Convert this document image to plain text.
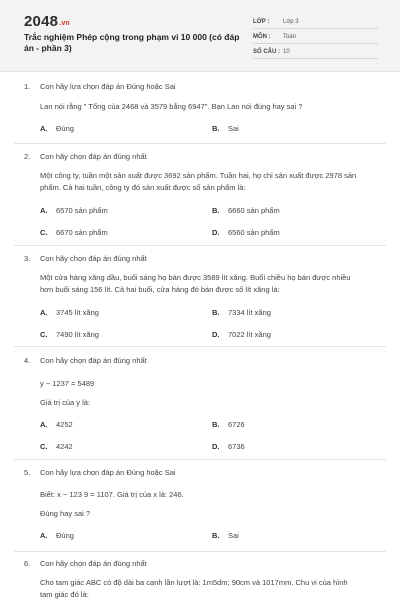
2048.vn
Trắc nghiệm Phép cộng trong phạm vi 10 000 (có đáp án - phần 3)
LỚP : Lớp 3
MÔN : Toán
SỐ CÂU : 10
1. Con hãy lựa chọn đáp án Đúng hoặc Sai
Lan nói rằng " Tổng của 2468 và 3579 bằng 6947". Bạn Lan nói đúng hay sai ?
A. Đúng	B. Sai
2. Con hãy chọn đáp án đúng nhất
Một công ty, tuần một sản xuất được 3692 sản phẩm. Tuần hai, họ chỉ sản xuất được 2978 sản
phẩm. Cả hai tuần, công ty đó sản xuất được số sản phẩm là:
A. 6570 sản phẩm	B. 6660 sản phẩm
C. 6670 sản phẩm	D. 6560 sản phẩm
3. Con hãy chọn đáp án đúng nhất
Một cửa hàng xăng dầu, buổi sáng họ bán được 3589 lít xăng. Buổi chiều họ bán được nhiều
hơn buổi sáng 156 lít. Cả hai buổi, cửa hàng đó bán được số lít xăng là:
A. 3745 lít xăng	B. 7334 lít xăng
C. 7490 lít xăng	D. 7022 lít xăng
4. Con hãy chọn đáp án đúng nhất
y − 1237 = 5489
Giá trị của y là:
A. 4252	B. 6726
C. 4242	D. 6736
5. Con hãy lựa chọn đáp án Đúng hoặc Sai
Biết: x − 123 9 = 1107. Giá trị của x là: 246.
Đúng hay sai ?
A. Đúng	B. Sai
6. Con hãy chọn đáp án đúng nhất
Cho tam giác ABC có độ dài ba cạnh lần lượt là: 1m5dm; 90cm và 1017mm. Chu vi của hình
tam giác đó là:
